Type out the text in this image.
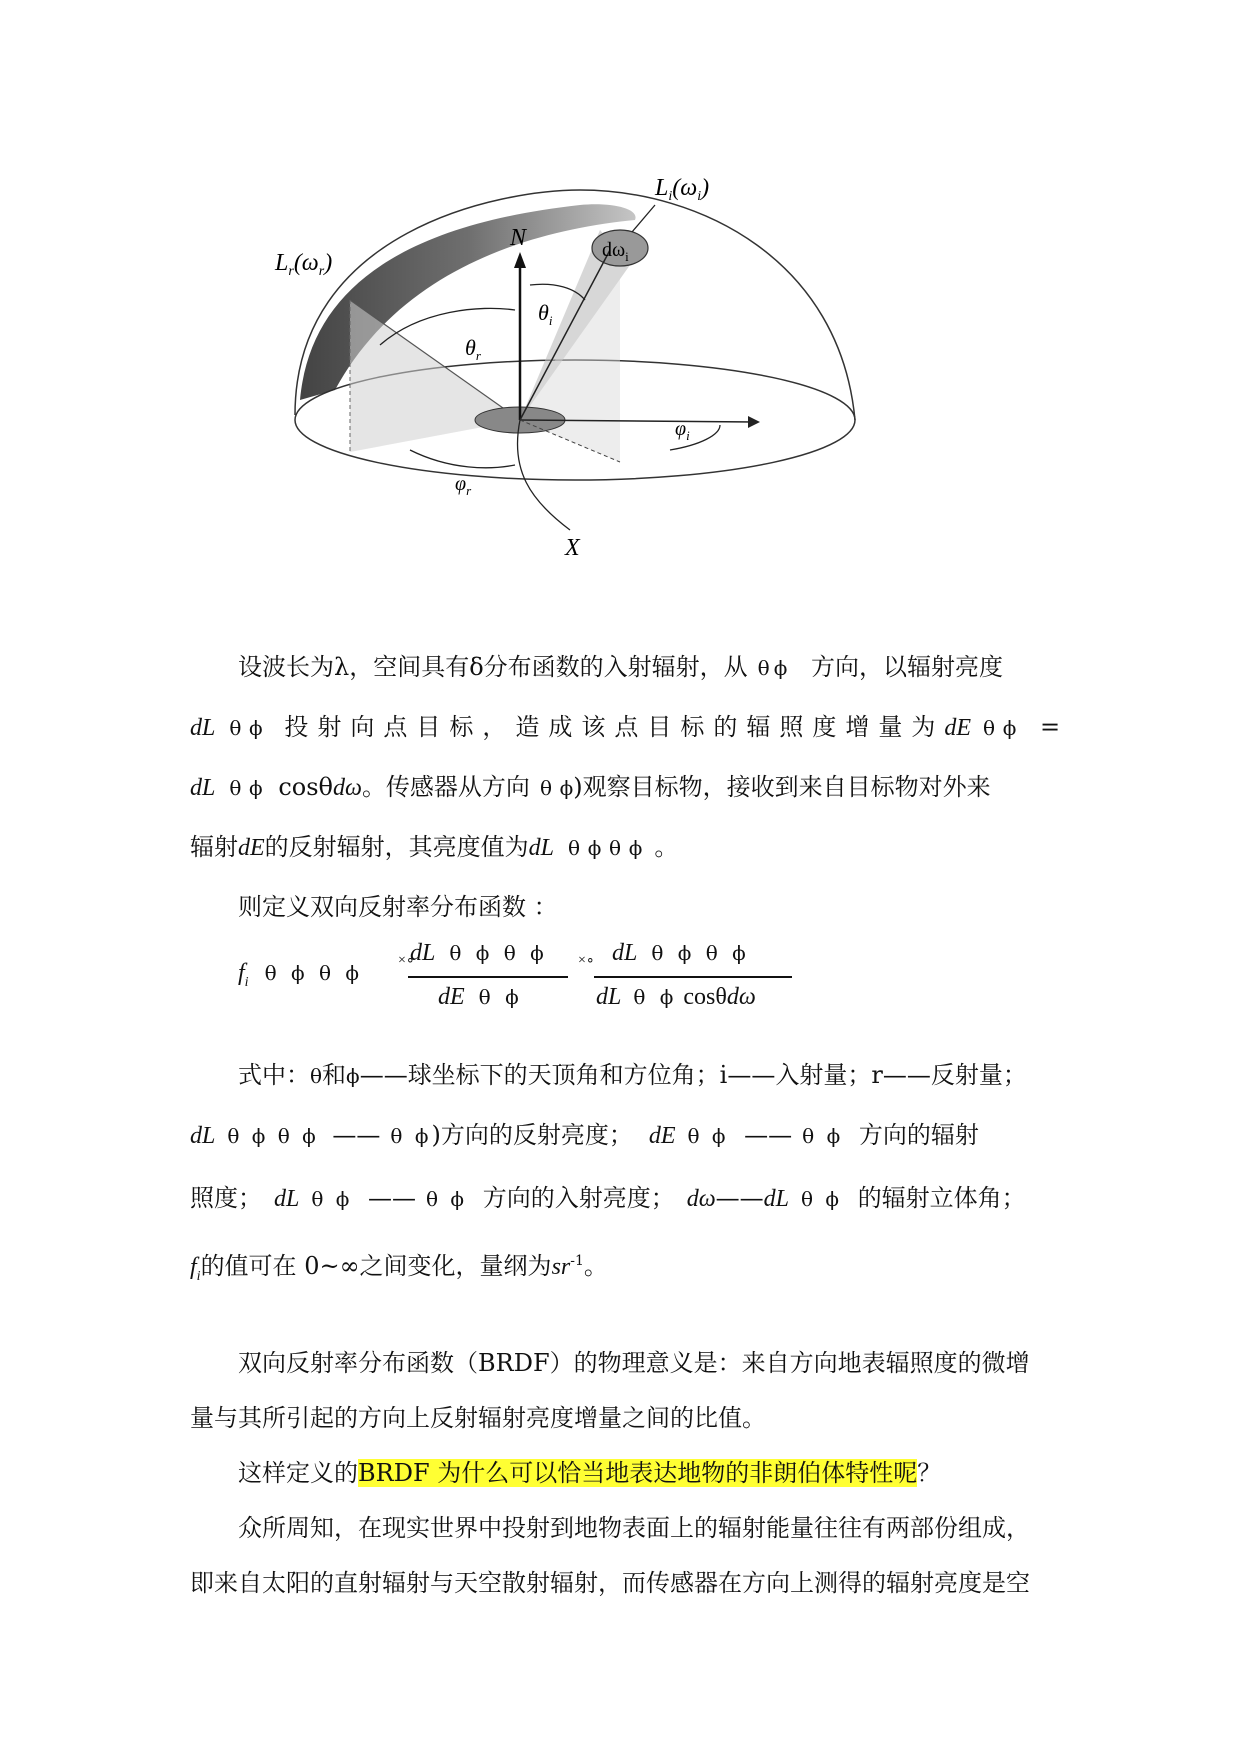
$L_i(\omega_i)$
$L_r(\omega_r)$
N	$d\omega_i$
$\theta_r$
$\theta_i$
$\varphi_r$
$\varphi_i$
X
设波长为λ，空间具有δ分布函数的入射辐射，从 θ ϕ 方向，以辐射亮度
dL θ ϕ 投射向点目标，造成该点目标的辐照度增量为dE θ ϕ =
dL θ ϕ cosθdω。传感器从方向 θ ϕ)观察目标物，接收到来自目标物对外来
辐射dE的反射辐射，其亮度值为dL θ ϕ θ ϕ 。
则定义双向反射率分布函数 ：
$f_i$ θ ϕ θ ϕ
×∘
dL θ ϕ θ ϕ
dE θ ϕ
×∘ dL θ ϕ θ ϕ
dL θ ϕ cosθdω
式中：θ和ϕ——球坐标下的天顶角和方位角；i——入射量；r——反射量；
dL θ ϕ θ ϕ —— θ ϕ)方向的反射亮度； dE θ ϕ —— θ ϕ 方向的辐射
照度； dL θ ϕ —— θ ϕ 方向的入射亮度； dω——dL θ ϕ 的辐射立体角；
$f_i$的值可在 0~∞之间变化，量纲为$sr^{-1}$。
双向反射率分布函数（BRDF）的物理意义是：来自方向地表辐照度的微增
量与其所引起的方向上反射辐射亮度增量之间的比值。
这样定义的BRDF 为什么可以恰当地表达地物的非朗伯体特性呢？
众所周知，在现实世界中投射到地物表面上的辐射能量往往有两部份组成，
即来自太阳的直射辐射与天空散射辐射，而传感器在方向上测得的辐射亮度是空
